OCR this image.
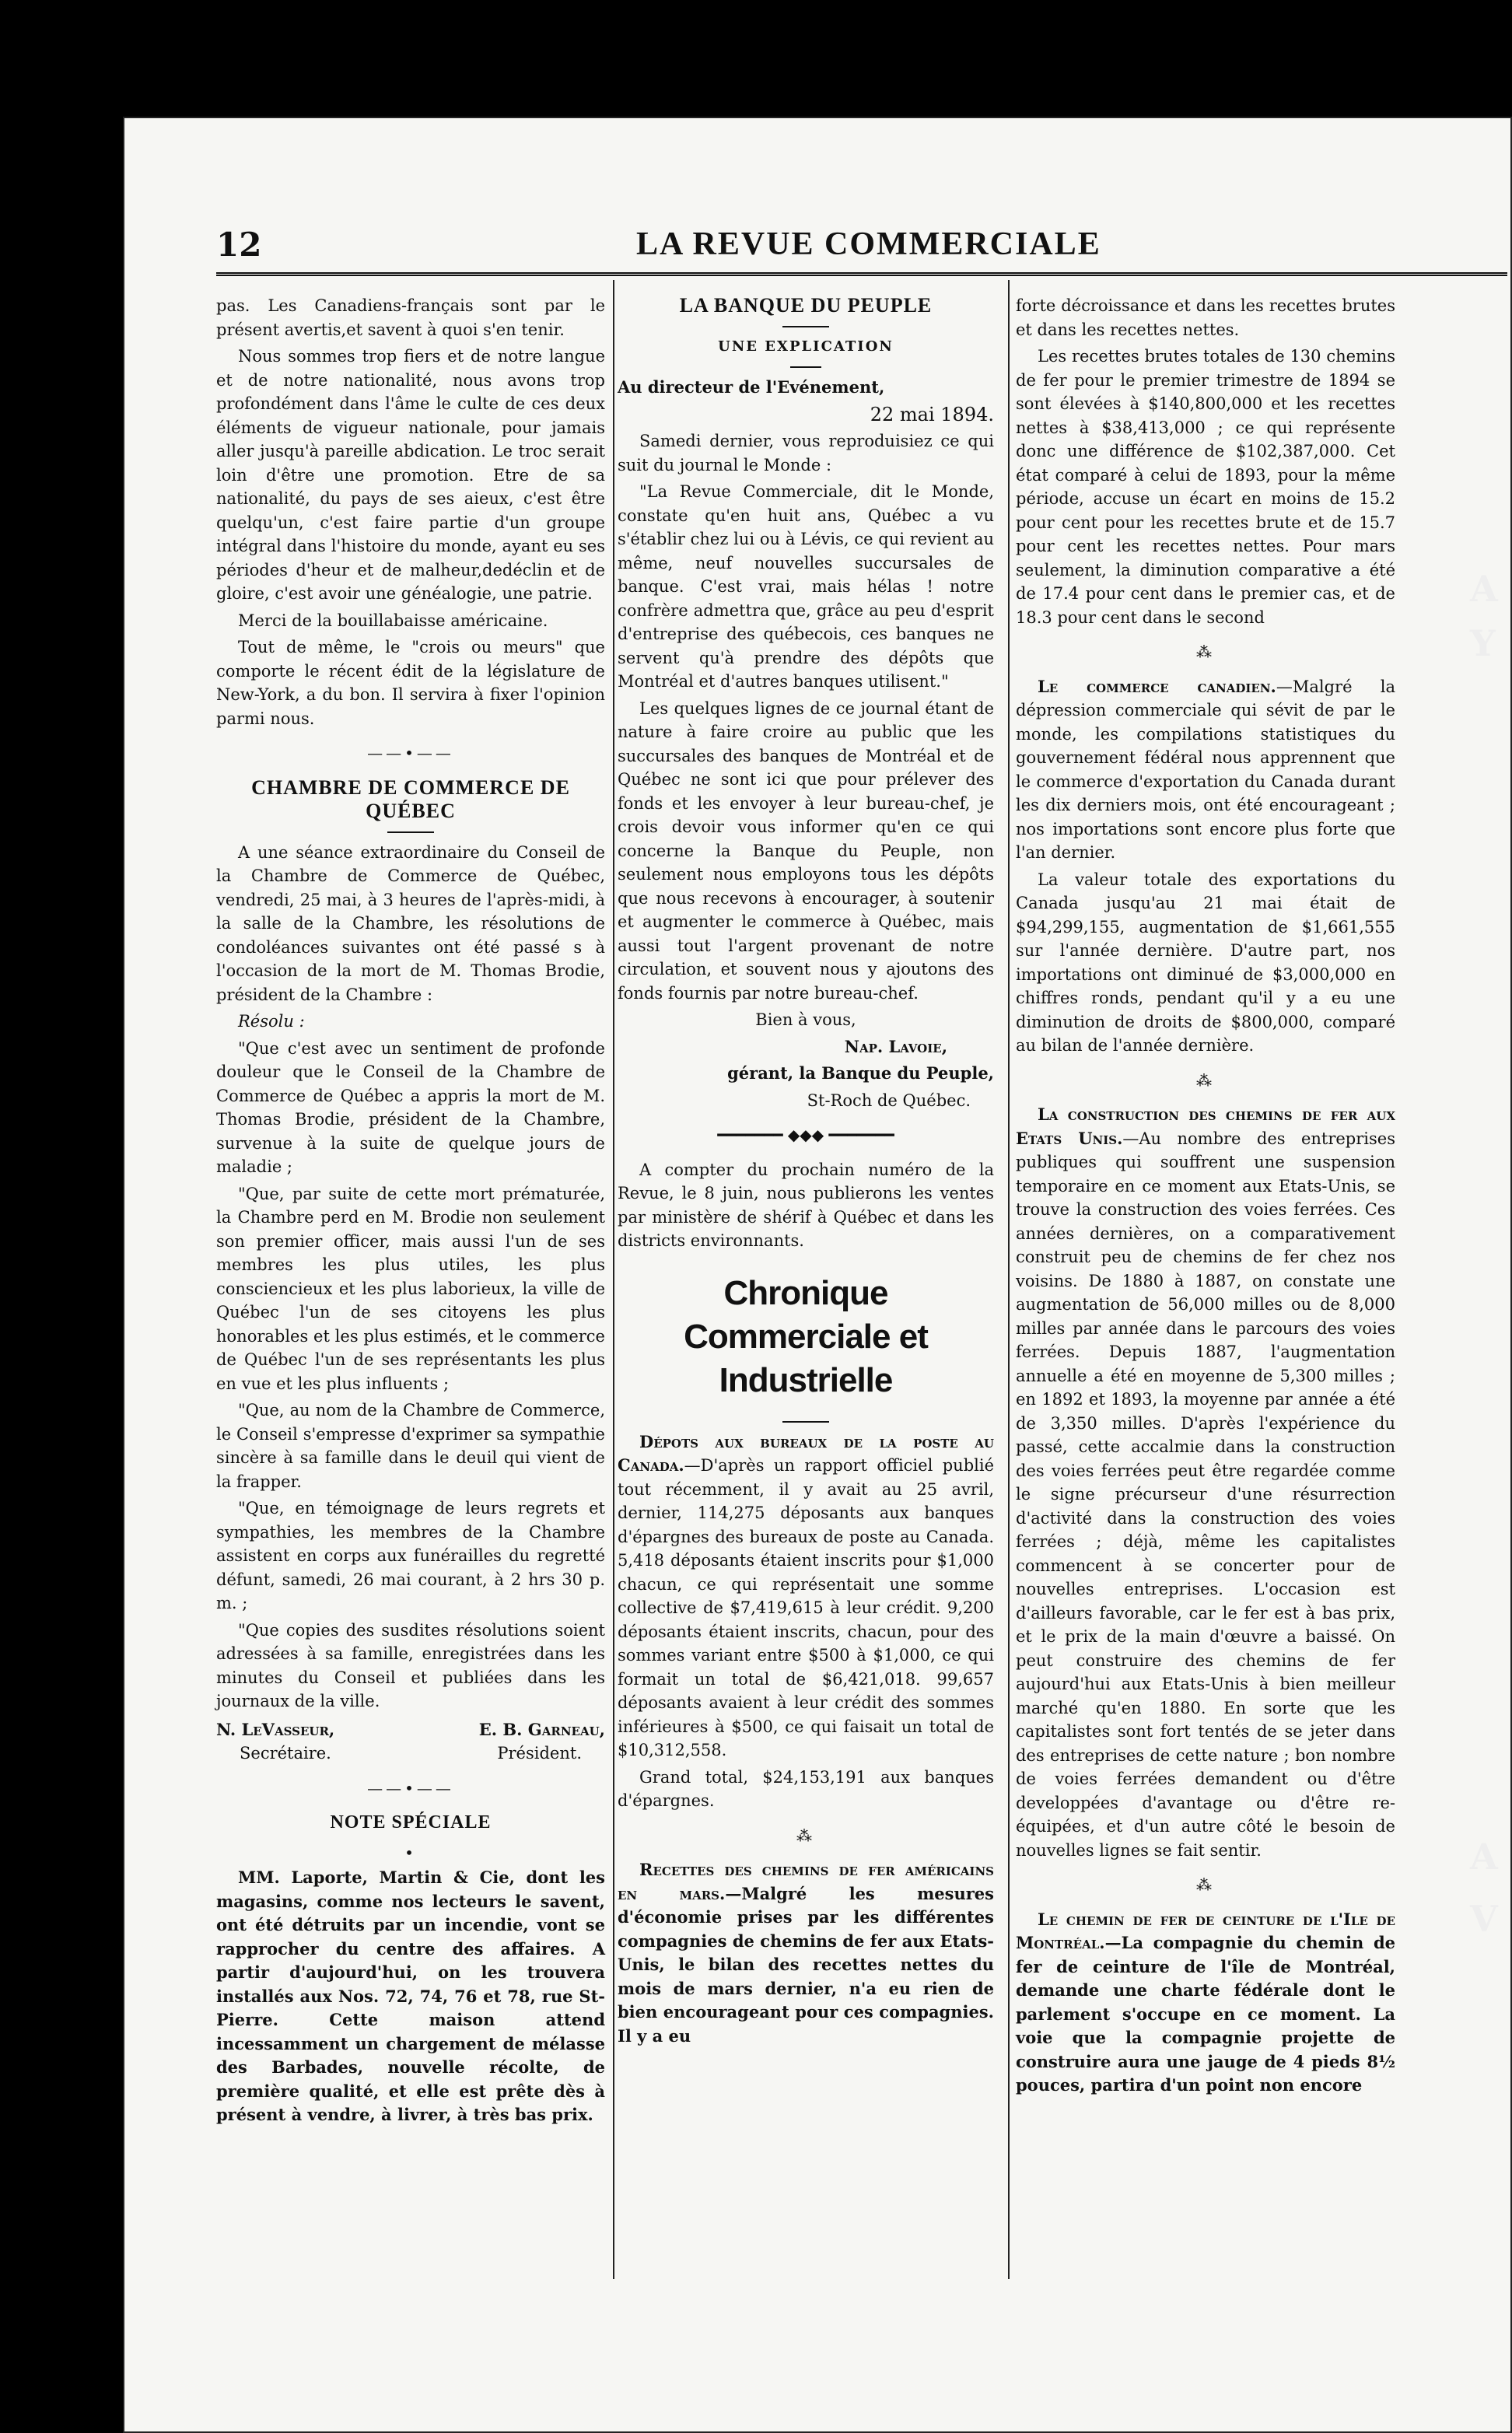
12	LA REVUE COMMERCIALE

pas. Les Canadiens-français sont par le présent avertis,et savent à quoi s'en tenir.

Nous sommes trop fiers et de notre langue et de notre nationalité, nous avons trop profondément dans l'âme le culte de ces deux éléments de vigueur nationale, pour jamais aller jusqu'à pareille abdication. Le troc serait loin d'être une promotion. Etre de sa nationalité, du pays de ses aieux, c'est être quelqu'un, c'est faire partie d'un groupe intégral dans l'histoire du monde, ayant eu ses périodes d'heur et de malheur,dedéclin et de gloire, c'est avoir une généalogie, une patrie.

Merci de la bouillabaisse américaine.

Tout de même, le "crois ou meurs" que comporte le récent édit de la législature de New-York, a du bon. Il servira à fixer l'opinion parmi nous.

——•——
CHAMBRE DE COMMERCE DE QUÉBEC

A une séance extraordinaire du Conseil de la Chambre de Commerce de Québec, vendredi, 25 mai, à 3 heures de l'après-midi, à la salle de la Chambre, les résolutions de condoléances suivantes ont été passé s à l'occasion de la mort de M. Thomas Brodie, président de la Chambre :

Résolu :

"Que c'est avec un sentiment de profonde douleur que le Conseil de la Chambre de Commerce de Québec a appris la mort de M. Thomas Brodie, président de la Chambre, survenue à la suite de quelque jours de maladie ;

"Que, par suite de cette mort prématurée, la Chambre perd en M. Brodie non seulement son premier officer, mais aussi l'un de ses membres les plus utiles, les plus consciencieux et les plus laborieux, la ville de Québec l'un de ses citoyens les plus honorables et les plus estimés, et le commerce de Québec l'un de ses représentants les plus en vue et les plus influents ;

"Que, au nom de la Chambre de Commerce, le Conseil s'empresse d'exprimer sa sympathie sincère à sa famille dans le deuil qui vient de la frapper.

"Que, en témoignage de leurs regrets et sympathies, les membres de la Chambre assistent en corps aux funérailles du regretté défunt, samedi, 26 mai courant, à 2 hrs 30 p. m. ;

"Que copies des susdites résolutions soient adressées à sa famille, enregistrées dans les minutes du Conseil et publiées dans les journaux de la ville.

N. LeVasseur,	E. B. Garneau,
Secrétaire.	Président.
——•——
NOTE SPÉCIALE
•

MM. Laporte, Martin & Cie, dont les magasins, comme nos lecteurs le savent, ont été détruits par un incendie, vont se rapprocher du centre des affaires. A partir d'aujourd'hui, on les trouvera installés aux Nos. 72, 74, 76 et 78, rue St-Pierre. Cette maison attend incessamment un chargement de mélasse des Barbades, nouvelle récolte, de première qualité, et elle est prête dès à présent à vendre, à livrer, à très bas prix.

LA BANQUE DU PEUPLE
UNE EXPLICATION

Au directeur de l'Evénement,

22 mai 1894.

Samedi dernier, vous reproduisiez ce qui suit du journal le Monde :

"La Revue Commerciale, dit le Monde, constate qu'en huit ans, Québec a vu s'établir chez lui ou à Lévis, ce qui revient au même, neuf nouvelles succursales de banque. C'est vrai, mais hélas ! notre confrère admettra que, grâce au peu d'esprit d'entreprise des québecois, ces banques ne servent qu'à prendre des dépôts que Montréal et d'autres banques utilisent."

Les quelques lignes de ce journal étant de nature à faire croire au public que les succursales des banques de Montréal et de Québec ne sont ici que pour prélever des fonds et les envoyer à leur bureau-chef, je crois devoir vous informer qu'en ce qui concerne la Banque du Peuple, non seulement nous employons tous les dépôts que nous recevons à encourager, à soutenir et augmenter le commerce à Québec, mais aussi tout l'argent provenant de notre circulation, et souvent nous y ajoutons des fonds fournis par notre bureau-chef.

Bien à vous,

Nap. Lavoie,

gérant, la Banque du Peuple,

St-Roch de Québec.

━━━━━━━ ◆◆◆ ━━━━━━━

A compter du prochain numéro de la Revue, le 8 juin, nous publierons les ventes par ministère de shérif à Québec et dans les districts environnants.

Chronique Commerciale et Industrielle

Dépots aux bureaux de la poste au Canada.—D'après un rapport officiel publié tout récemment, il y avait au 25 avril, dernier, 114,275 déposants aux banques d'épargnes des bureaux de poste au Canada. 5,418 déposants étaient inscrits pour $1,000 chacun, ce qui représentait une somme collective de $7,419,615 à leur crédit. 9,200 déposants étaient inscrits, chacun, pour des sommes variant entre $500 à $1,000, ce qui formait un total de $6,421,018. 99,657 déposants avaient à leur crédit des sommes inférieures à $500, ce qui faisait un total de $10,312,558.

Grand total, $24,153,191 aux banques d'épargnes.

⁂

Recettes des chemins de fer américains en mars.—Malgré les mesures d'économie prises par les différentes compagnies de chemins de fer aux Etats-Unis, le bilan des recettes nettes du mois de mars dernier, n'a eu rien de bien encourageant pour ces compagnies. Il y a eu

forte décroissance et dans les recettes brutes et dans les recettes nettes.

Les recettes brutes totales de 130 chemins de fer pour le premier trimestre de 1894 se sont élevées à $140,800,000 et les recettes nettes à $38,413,000 ; ce qui représente donc une différence de $102,387,000. Cet état comparé à celui de 1893, pour la même période, accuse un écart en moins de 15.2 pour cent pour les recettes brute et de 15.7 pour cent les recettes nettes. Pour mars seulement, la diminution comparative a été de 17.4 pour cent dans le premier cas, et de 18.3 pour cent dans le second

⁂

Le commerce canadien.—Malgré la dépression commerciale qui sévit de par le monde, les compilations statistiques du gouvernement fédéral nous apprennent que le commerce d'exportation du Canada durant les dix derniers mois, ont été encourageant ; nos importations sont encore plus forte que l'an dernier.

La valeur totale des exportations du Canada jusqu'au 21 mai était de $94,299,155, augmentation de $1,661,555 sur l'année dernière. D'autre part, nos importations ont diminué de $3,000,000 en chiffres ronds, pendant qu'il y a eu une diminution de droits de $800,000, comparé au bilan de l'année dernière.

⁂

La construction des chemins de fer aux Etats Unis.—Au nombre des entreprises publiques qui souffrent une suspension temporaire en ce moment aux Etats-Unis, se trouve la construction des voies ferrées. Ces années dernières, on a comparativement construit peu de chemins de fer chez nos voisins. De 1880 à 1887, on constate une augmentation de 56,000 milles ou de 8,000 milles par année dans le parcours des voies ferrées. Depuis 1887, l'augmentation annuelle a été en moyenne de 5,300 milles ; en 1892 et 1893, la moyenne par année a été de 3,350 milles. D'après l'expérience du passé, cette accalmie dans la construction des voies ferrées peut être regardée comme le signe précurseur d'une résurrection d'activité dans la construction des voies ferrées ; déjà, même les capitalistes commencent à se concerter pour de nouvelles entreprises. L'occasion est d'ailleurs favorable, car le fer est à bas prix, et le prix de la main d'œuvre a baissé. On peut construire des chemins de fer aujourd'hui aux Etats-Unis à bien meilleur marché qu'en 1880. En sorte que les capitalistes sont fort tentés de se jeter dans des entreprises de cette nature ; bon nombre de voies ferrées demandent ou d'être developpées d'avantage ou d'être re-équipées, et d'un autre côté le besoin de nouvelles lignes se fait sentir.

⁂

Le chemin de fer de ceinture de l'Ile de Montréal.—La compagnie du chemin de fer de ceinture de l'île de Montréal, demande une charte fédérale dont le parlement s'occupe en ce moment. La voie que la compagnie projette de construire aura une jauge de 4 pieds 8½ pouces, partira d'un point non encore

A
Y
A
V
